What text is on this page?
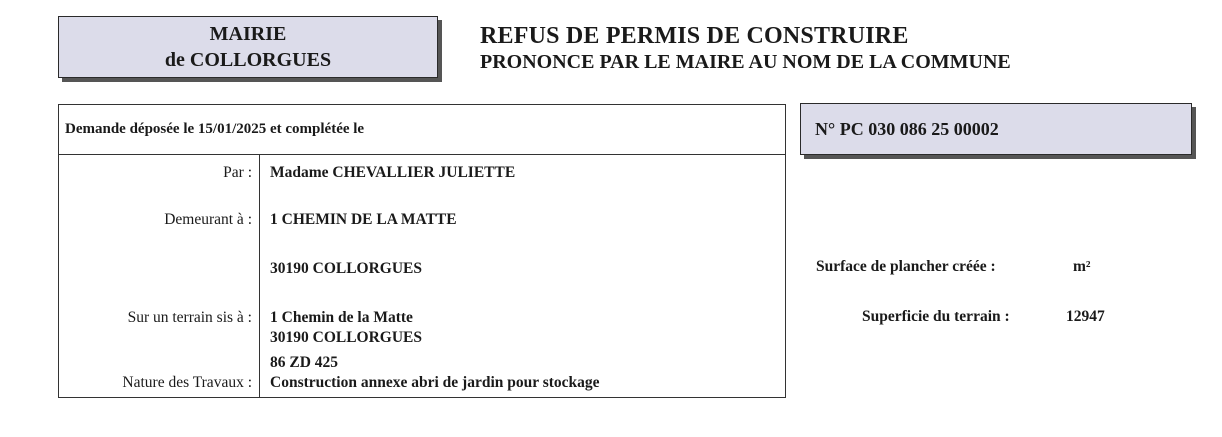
MAIRIE
de COLLORGUES
REFUS DE PERMIS DE CONSTRUIRE
PRONONCE PAR LE MAIRE AU NOM DE LA COMMUNE
Demande déposée le 15/01/2025 et complétée le
Par : Madame CHEVALLIER JULIETTE
Demeurant à : 1 CHEMIN DE LA MATTE
30190 COLLORGUES
Sur un terrain sis à : 1 Chemin de la Matte
30190 COLLORGUES
86 ZD 425
Nature des Travaux : Construction annexe abri de jardin pour stockage
N° PC 030 086 25 00002
Surface de plancher créée :	m²
Superficie du terrain :	12947
